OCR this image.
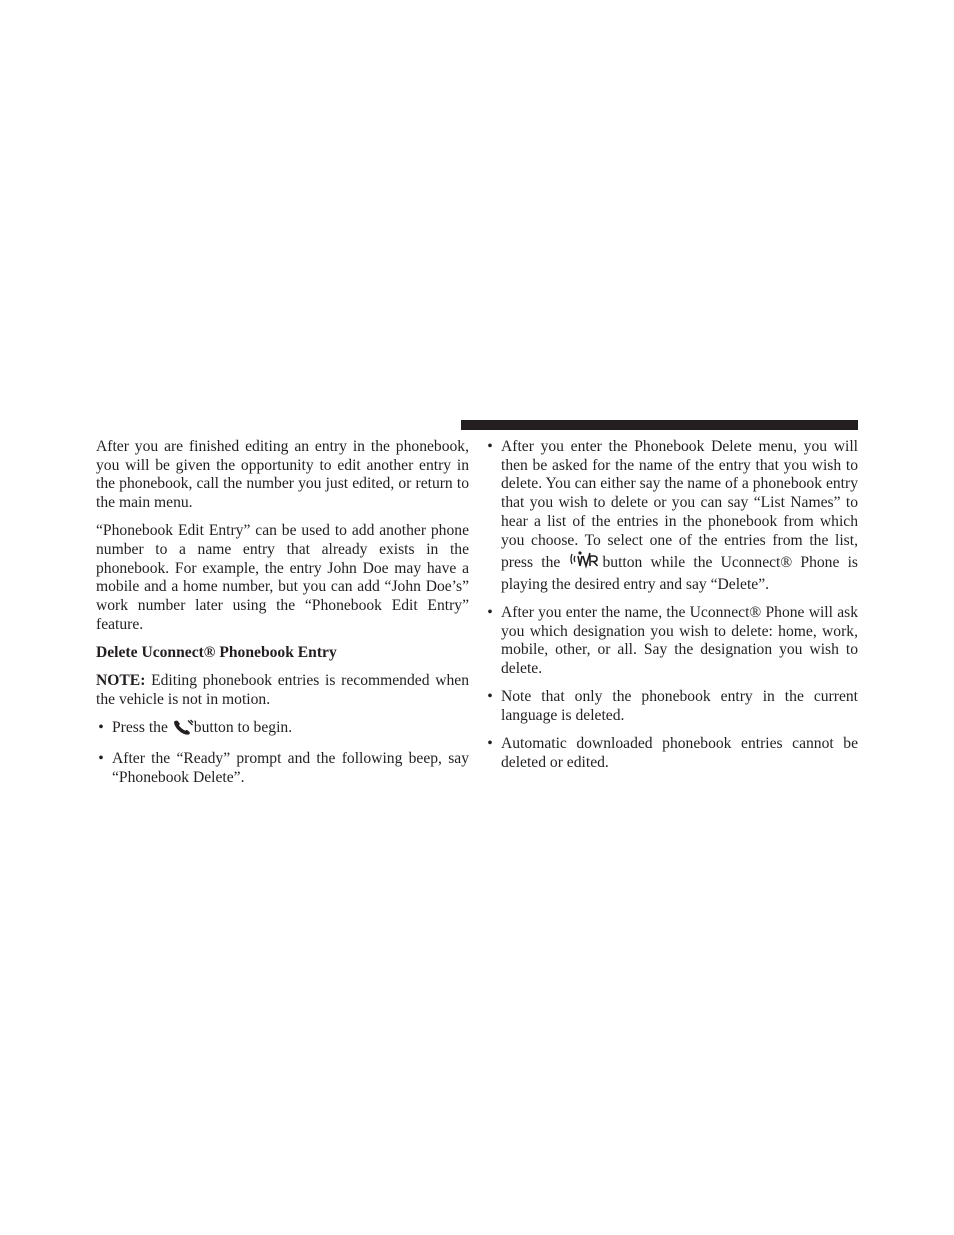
After you are finished editing an entry in the phonebook, you will be given the opportunity to edit another entry in the phonebook, call the number you just edited, or return to the main menu.

“Phonebook Edit Entry” can be used to add another phone number to a name entry that already exists in the phonebook. For example, the entry John Doe may have a mobile and a home number, but you can add “John Doe’s” work number later using the “Phonebook Edit Entry” feature.

Delete Uconnect® Phonebook Entry

NOTE: Editing phonebook entries is recommended when the vehicle is not in motion.

• Press the button to begin.
• After the “Ready” prompt and the following beep, say “Phonebook Delete”.
• After you enter the Phonebook Delete menu, you will then be asked for the name of the entry that you wish to delete. You can either say the name of a phonebook entry that you wish to delete or you can say “List Names” to hear a list of the entries in the phonebook from which you choose. To select one of the entries from the list, press the button while the Uconnect® Phone is playing the desired entry and say “Delete”.
• After you enter the name, the Uconnect® Phone will ask you which designation you wish to delete: home, work, mobile, other, or all. Say the designation you wish to delete.
• Note that only the phonebook entry in the current language is deleted.
• Automatic downloaded phonebook entries cannot be deleted or edited.
